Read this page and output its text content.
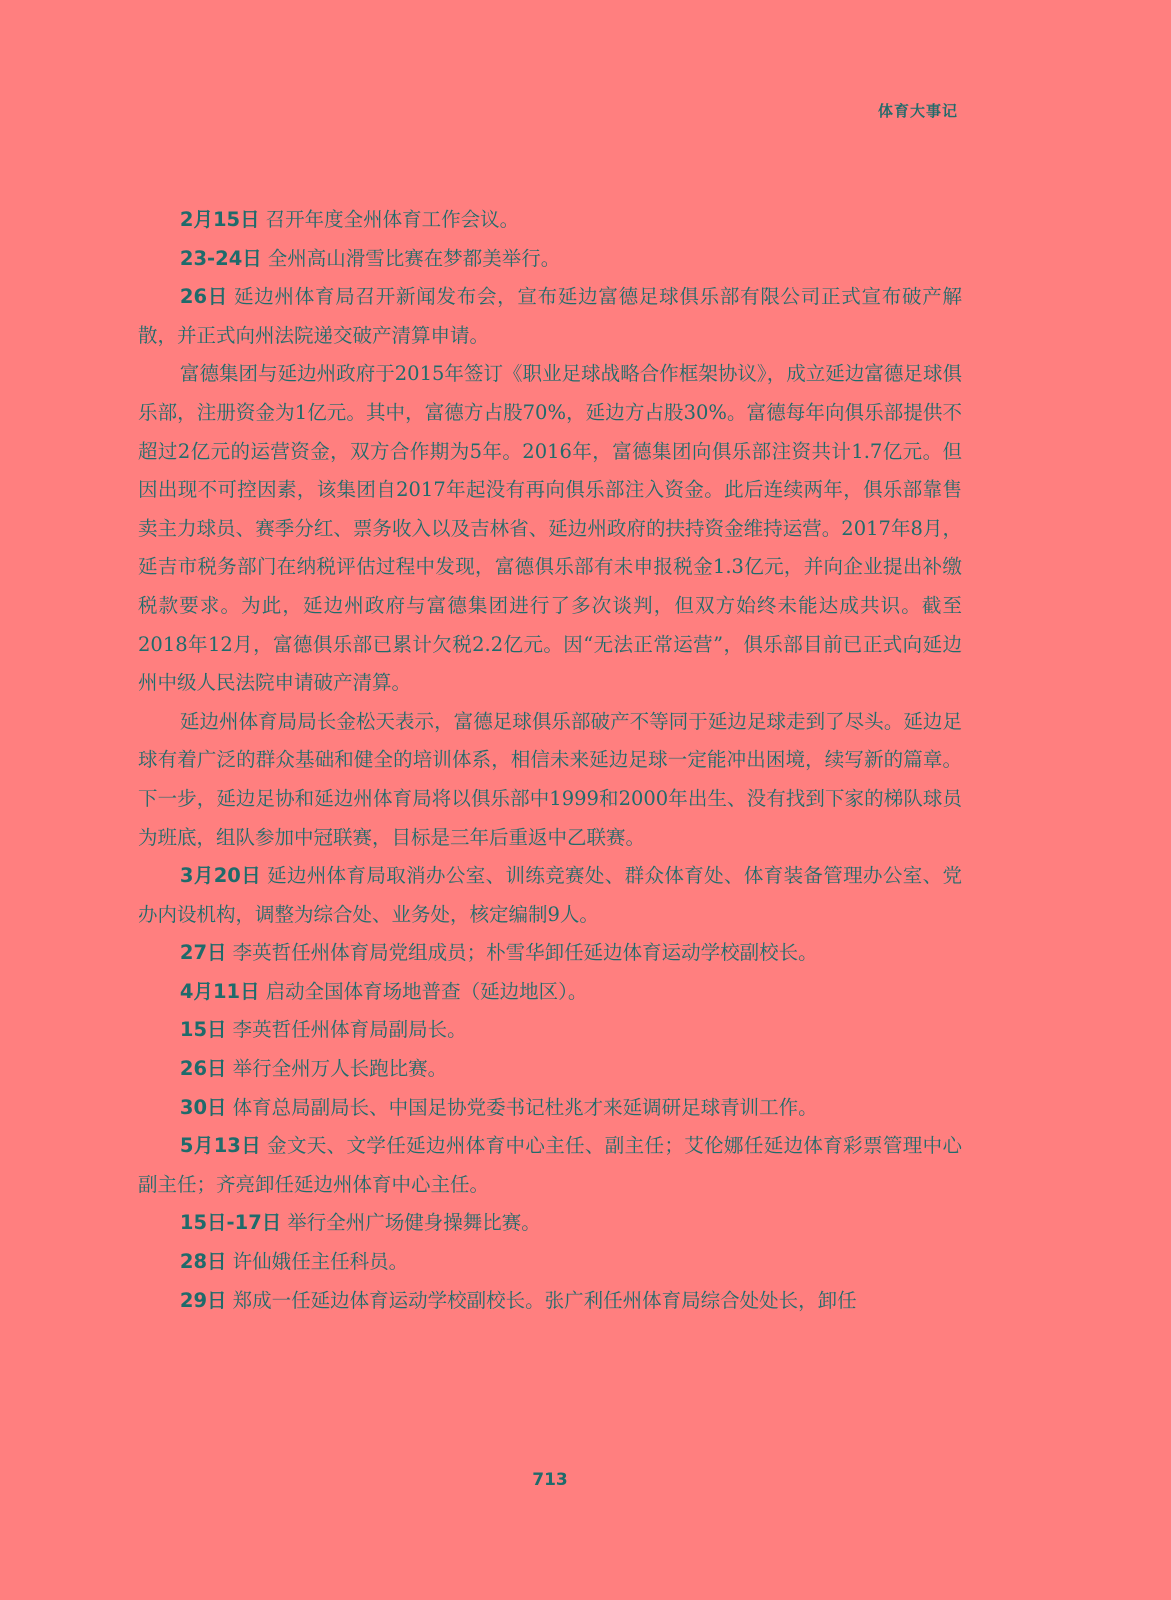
体育大事记

2月15日 召开年度全州体育工作会议。

23-24日 全州高山滑雪比赛在梦都美举行。

26日 延边州体育局召开新闻发布会，宣布延边富德足球俱乐部有限公司正式宣布破产解散，并正式向州法院递交破产清算申请。

富德集团与延边州政府于2015年签订《职业足球战略合作框架协议》，成立延边富德足球俱乐部，注册资金为1亿元。其中，富德方占股70%，延边方占股30%。富德每年向俱乐部提供不超过2亿元的运营资金，双方合作期为5年。2016年，富德集团向俱乐部注资共计1.7亿元。但因出现不可控因素，该集团自2017年起没有再向俱乐部注入资金。此后连续两年，俱乐部靠售卖主力球员、赛季分红、票务收入以及吉林省、延边州政府的扶持资金维持运营。2017年8月，延吉市税务部门在纳税评估过程中发现，富德俱乐部有未申报税金1.3亿元，并向企业提出补缴税款要求。为此，延边州政府与富德集团进行了多次谈判，但双方始终未能达成共识。截至2018年12月，富德俱乐部已累计欠税2.2亿元。因“无法正常运营”，俱乐部目前已正式向延边州中级人民法院申请破产清算。

延边州体育局局长金松天表示，富德足球俱乐部破产不等同于延边足球走到了尽头。延边足球有着广泛的群众基础和健全的培训体系，相信未来延边足球一定能冲出困境，续写新的篇章。下一步，延边足协和延边州体育局将以俱乐部中1999和2000年出生、没有找到下家的梯队球员为班底，组队参加中冠联赛，目标是三年后重返中乙联赛。

3月20日 延边州体育局取消办公室、训练竞赛处、群众体育处、体育装备管理办公室、党办内设机构，调整为综合处、业务处，核定编制9人。

27日 李英哲任州体育局党组成员；朴雪华卸任延边体育运动学校副校长。

4月11日 启动全国体育场地普查（延边地区）。

15日 李英哲任州体育局副局长。

26日 举行全州万人长跑比赛。

30日 体育总局副局长、中国足协党委书记杜兆才来延调研足球青训工作。

5月13日 金文天、文学任延边州体育中心主任、副主任；艾伦娜任延边体育彩票管理中心副主任；齐亮卸任延边州体育中心主任。

15日-17日 举行全州广场健身操舞比赛。

28日 许仙娥任主任科员。

29日 郑成一任延边体育运动学校副校长。张广利任州体育局综合处处长，卸任

713
